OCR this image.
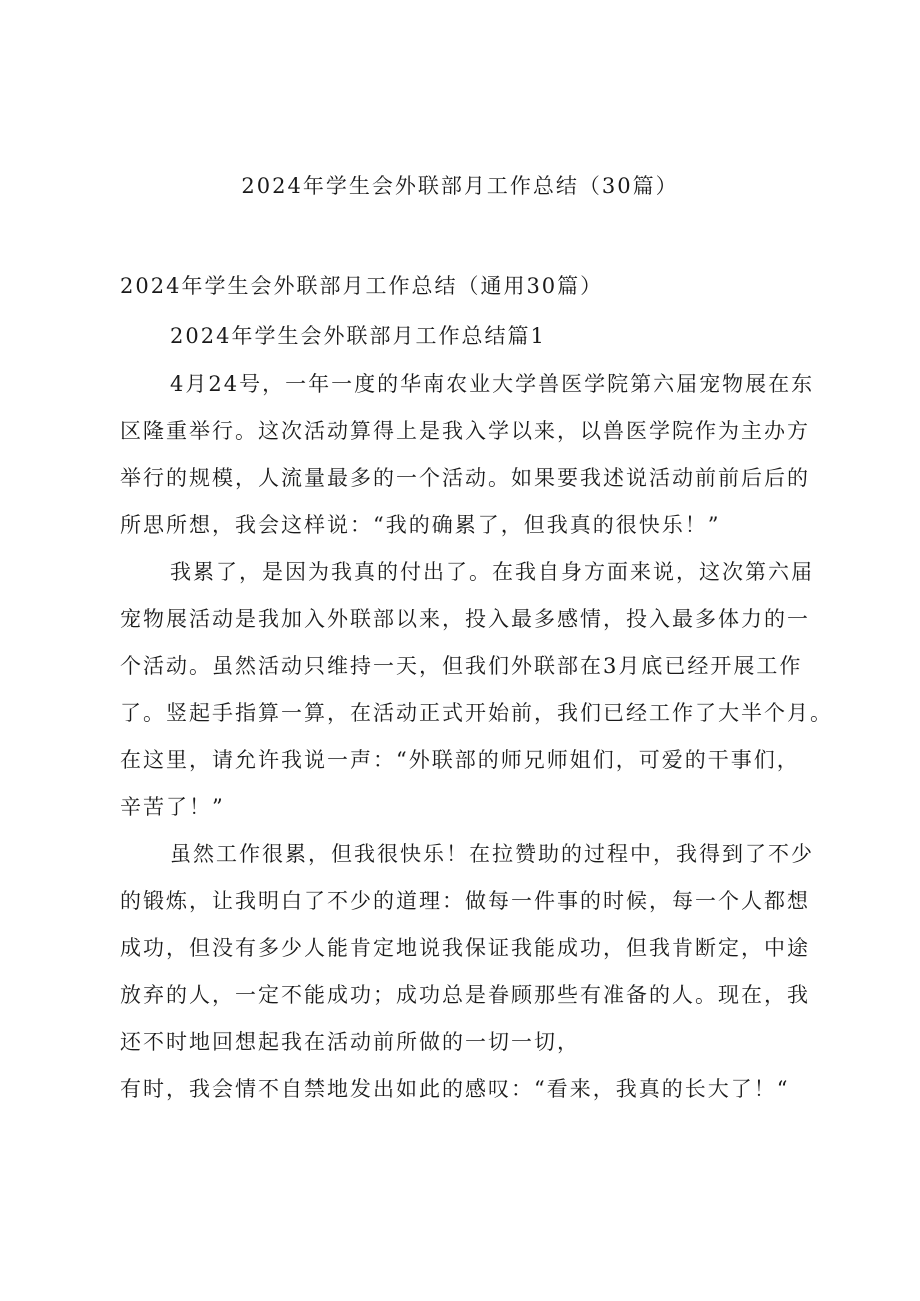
2024年学生会外联部月工作总结（30篇）
2024年学生会外联部月工作总结（通用30篇）
2024年学生会外联部月工作总结篇1
4月24号，一年一度的华南农业大学兽医学院第六届宠物展在东
区隆重举行。这次活动算得上是我入学以来，以兽医学院作为主办方
举行的规模，人流量最多的一个活动。如果要我述说活动前前后后的
所思所想，我会这样说：“我的确累了，但我真的很快乐！”
我累了，是因为我真的付出了。在我自身方面来说，这次第六届
宠物展活动是我加入外联部以来，投入最多感情，投入最多体力的一
个活动。虽然活动只维持一天，但我们外联部在3月底已经开展工作
了。竖起手指算一算，在活动正式开始前，我们已经工作了大半个月。
在这里，请允许我说一声：“外联部的师兄师姐们，可爱的干事们，
辛苦了！”
虽然工作很累，但我很快乐！在拉赞助的过程中，我得到了不少
的锻炼，让我明白了不少的道理：做每一件事的时候，每一个人都想
成功，但没有多少人能肯定地说我保证我能成功，但我肯断定，中途
放弃的人，一定不能成功；成功总是眷顾那些有准备的人。现在，我
还不时地回想起我在活动前所做的一切一切，
有时，我会情不自禁地发出如此的感叹：“看来，我真的长大了！“
